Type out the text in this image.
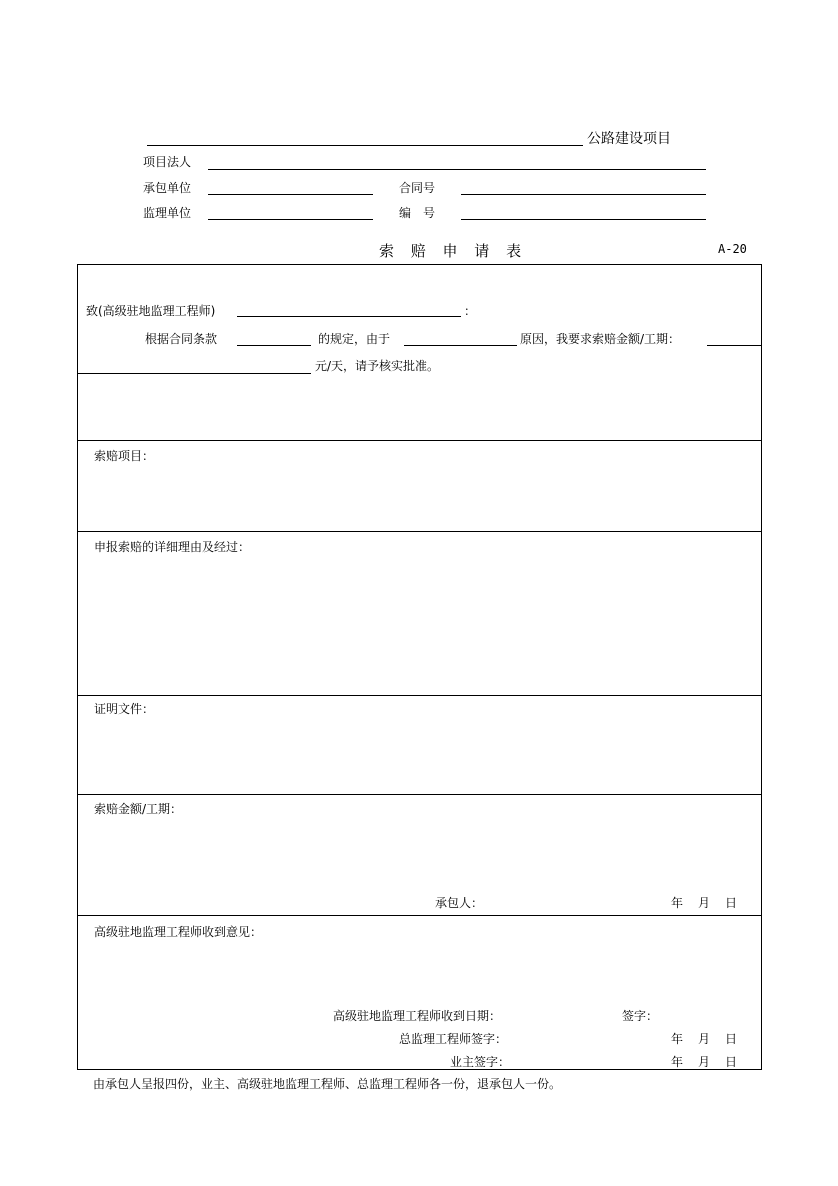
公路建设项目
项目法人
承包单位	合同号
监理单位	编　号
索 赔 申 请 表	A-20
致(高级驻地监理工程师)	：
根据合同条款	的规定，由于	原因，我要求索赔金额/工期：
元/天，请予核实批准。
索赔项目：
申报索赔的详细理由及经过：
证明文件：
索赔金额/工期：
承包人：	年 月 日
高级驻地监理工程师收到意见：
高级驻地监理工程师收到日期：	签字：
总监理工程师签字：	年 月 日
业主签字：	年 月 日
由承包人呈报四份，业主、高级驻地监理工程师、总监理工程师各一份，退承包人一份。
